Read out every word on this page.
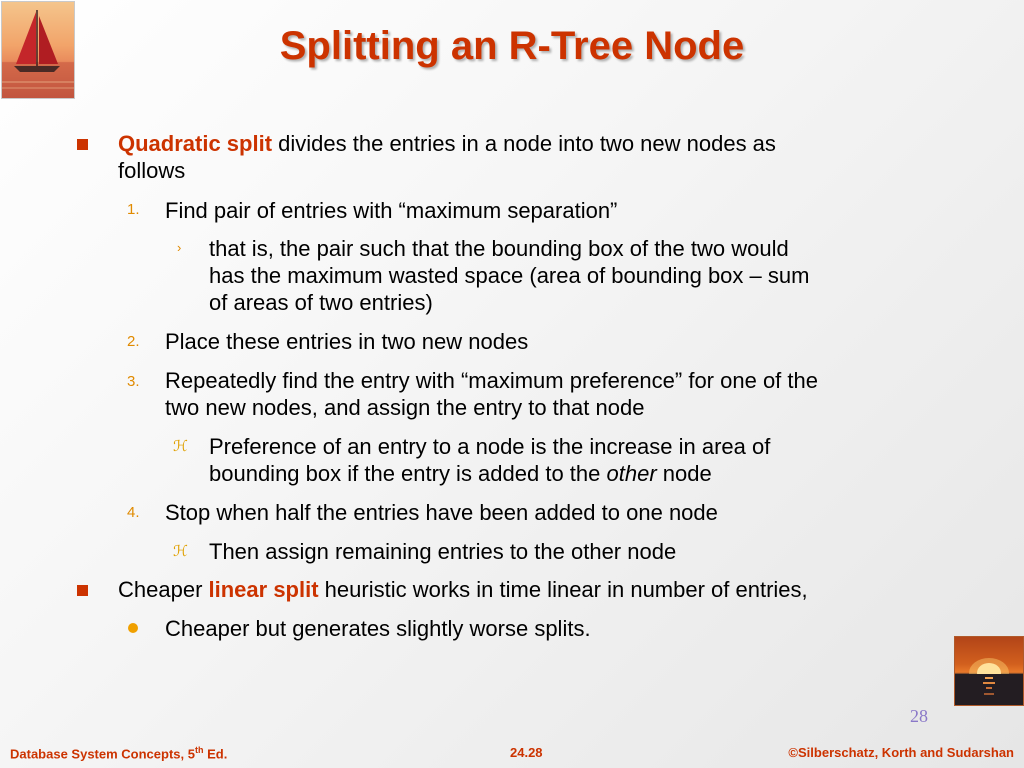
Splitting an R-Tree Node
Quadratic split divides the entries in a node into two new nodes as
follows
1. Find pair of entries with “maximum separation”
› that is, the pair such that the bounding box of the two would
has the maximum wasted space (area of bounding box – sum
of areas of two entries)
2. Place these entries in two new nodes
3. Repeatedly find the entry with “maximum preference” for one of the
two new nodes, and assign the entry to that node
ℋ Preference of an entry to a node is the increase in area of
bounding box if the entry is added to the other node
4. Stop when half the entries have been added to one node
ℋ Then assign remaining entries to the other node
Cheaper linear split heuristic works in time linear in number of entries,
Cheaper but generates slightly worse splits.
28
Database System Concepts, 5th Ed.	24.28	©Silberschatz, Korth and Sudarshan
